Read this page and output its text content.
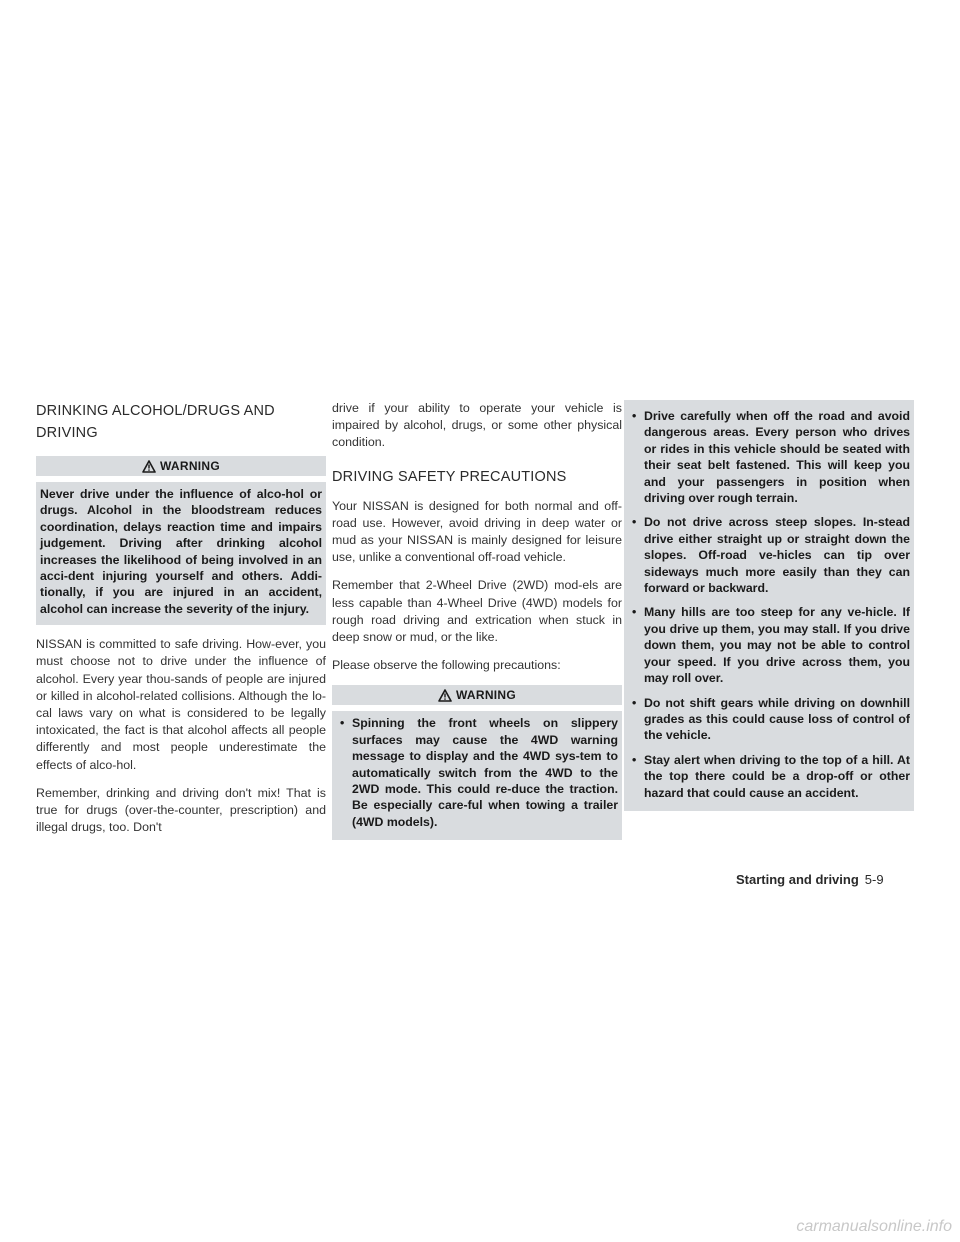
DRINKING ALCOHOL/DRUGS AND DRIVING
WARNING
Never drive under the influence of alco-hol or drugs. Alcohol in the bloodstream reduces coordination, delays reaction time and impairs judgement. Driving after drinking alcohol increases the likelihood of being involved in an acci-dent injuring yourself and others. Addi-tionally, if you are injured in an accident, alcohol can increase the severity of the injury.

NISSAN is committed to safe driving. How-ever, you must choose not to drive under the influence of alcohol. Every year thou-sands of people are injured or killed in alcohol-related collisions. Although the lo-cal laws vary on what is considered to be legally intoxicated, the fact is that alcohol affects all people differently and most people underestimate the effects of alco-hol.

Remember, drinking and driving don't mix! That is true for drugs (over-the-counter, prescription) and illegal drugs, too. Don't

drive if your ability to operate your vehicle is impaired by alcohol, drugs, or some other physical condition.

DRIVING SAFETY PRECAUTIONS

Your NISSAN is designed for both normal and off-road use. However, avoid driving in deep water or mud as your NISSAN is mainly designed for leisure use, unlike a conventional off-road vehicle.

Remember that 2-Wheel Drive (2WD) mod-els are less capable than 4-Wheel Drive (4WD) models for rough road driving and extrication when stuck in deep snow or mud, or the like.

Please observe the following precautions:

WARNING
• Spinning the front wheels on slippery surfaces may cause the 4WD warning message to display and the 4WD sys-tem to automatically switch from the 4WD to the 2WD mode. This could re-duce the traction. Be especially care-ful when towing a trailer (4WD models).
• Drive carefully when off the road and avoid dangerous areas. Every person who drives or rides in this vehicle should be seated with their seat belt fastened. This will keep you and your passengers in position when driving over rough terrain.
• Do not drive across steep slopes. In-stead drive either straight up or straight down the slopes. Off-road ve-hicles can tip over sideways much more easily than they can forward or backward.
• Many hills are too steep for any ve-hicle. If you drive up them, you may stall. If you drive down them, you may not be able to control your speed. If you drive across them, you may roll over.
• Do not shift gears while driving on downhill grades as this could cause loss of control of the vehicle.
• Stay alert when driving to the top of a hill. At the top there could be a drop-off or other hazard that could cause an accident.
Starting and driving 5-9
carmanualsonline.info
